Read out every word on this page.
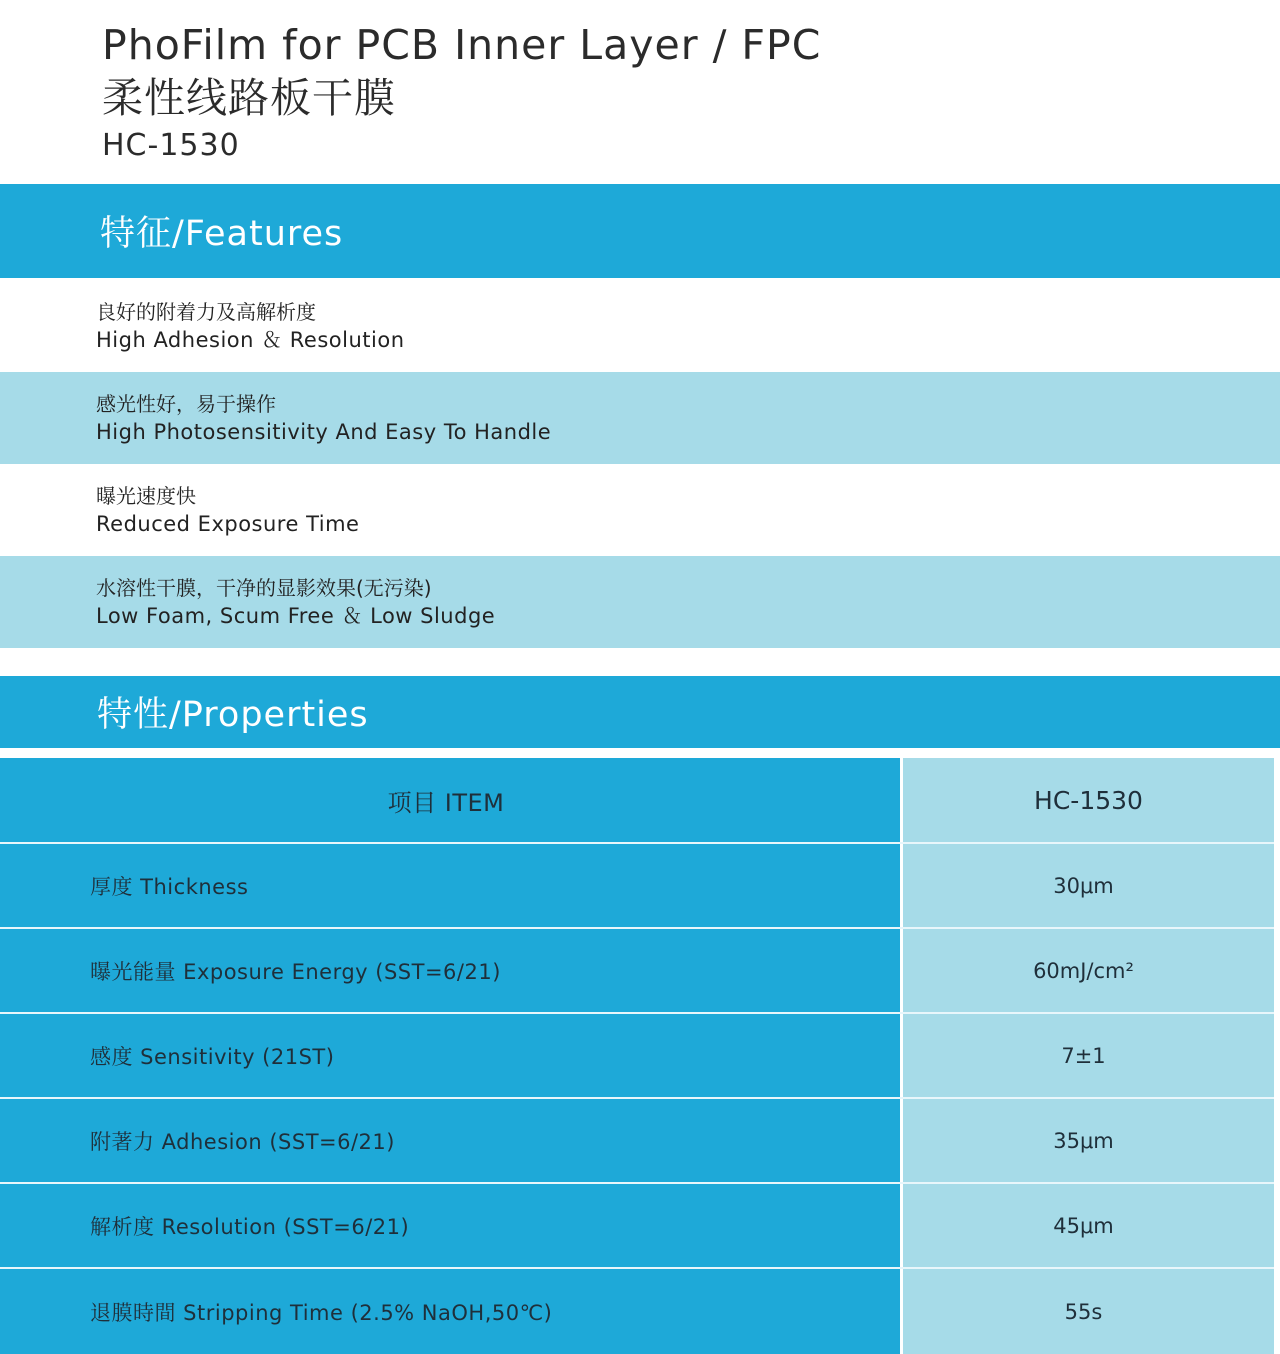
PhoFilm for PCB Inner Layer / FPC
柔性线路板干膜
HC-1530
特征/Features
良好的附着力及高解析度
High Adhesion ＆ Resolution
感光性好，易于操作
High Photosensitivity And Easy To Handle
曝光速度快
Reduced Exposure Time
水溶性干膜，干净的显影效果(无污染)
Low Foam, Scum Free ＆ Low Sludge
特性/Properties
项目 ITEM	HC-1530
厚度 Thickness	30μm
曝光能量 Exposure Energy (SST=6/21)	60mJ/cm²
感度 Sensitivity (21ST)	7±1
附著力 Adhesion (SST=6/21)	35μm
解析度 Resolution (SST=6/21)	45μm
退膜時間 Stripping Time (2.5% NaOH,50℃)	55s
